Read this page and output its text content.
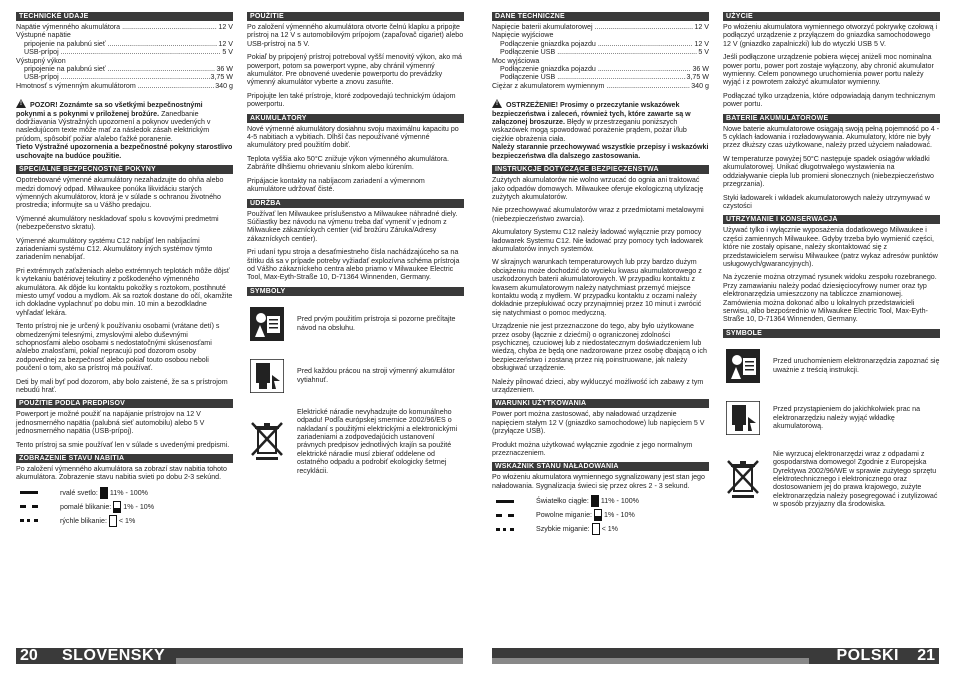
TECHNICKÉ ÚDAJE
Napätie výmenného akumulátora .....	12 V
Výstupné napätie
pripojenie na palubnú sieť .....	12 V
USB-prípoj .....	5 V
Výstupný výkon
pripojenie na palubnú sieť .....	36 W
USB-prípoj .....	3,75 W
Hmotnosť s výmenným akumulátorom .....	340 g

! POZOR! Zoznámte sa so všetkými bezpečnostnými pokynmi a s pokynmi v priloženej brožúre. Zanedbanie dodržiavania Výstražných upozornení a pokynov uvedených v nasledujúcom texte môže mať za následok zásah elektrickým prúdom, spôsobiť požiar a/alebo ťažké poranenie.
Tieto Výstražné upozornenia a bezpečnostné pokyny starostlivo uschovajte na budúce použitie.

ŠPECIÁLNE BEZPEČNOSTNÉ POKYNY

Opotrebované výmenné akumulátory nezahadzujte do ohňa alebo medzi domový odpad. Milwaukee ponúka likvidáciu starých výmenných akumulátorov, ktorá je v súlade s ochranou životného prostredia; informujte sa u Vášho predajcu.

Výmenné akumulátory neskladovať spolu s kovovými predmetmi (nebezpečenstvo skratu).

Výmenné akumulátory systému C12 nabíjať len nabíjacími zariadeniami systému C12. Akumulátory iných systémov týmto zariadením nenabíjať.

Pri extrémnych zaťaženiach alebo extrémnych teplotách môže dôjsť k vytekaniu batériovej tekutiny z poškodeného výmenného akumulátora. Ak dôjde ku kontaktu pokožky s roztokom, postihnuté miesto umyť vodou a mydlom. Ak sa roztok dostane do očí, okamžite ich dokladne vyplachnuť po dobu min. 10 min a bezodkladne vyhľadať lekára.

Tento prístroj nie je určený k používaniu osobami (vrátane detí) s obmedzenými telesnými, zmyslovými alebo duševnými schopnosťami alebo osobami s nedostatočnými skúsenosťami a/alebo znalosťami, pokiaľ nepracujú pod dozorom osoby zodpovednej za bezpečnosť alebo pokiaľ touto osobou neboli poučení o tom, ako sa prístroj má používať.

Deti by mali byť pod dozorom, aby bolo zaistené, že sa s prístrojom nebudú hrať.

POUŽITIE PODĽA PREDPISOV

Powerport je možné použiť na napájanie prístrojov na 12 V jednosmerného napätia (palubná sieť automobilu) alebo 5 V jednosmerného napätia (USB-prípoj).

Tento prístroj sa smie používať len v súlade s uvedenými predpismi.

ZOBRAZENIE STAVU NABITIA

Po založení výmenného akumulátora sa zobrazí stav nabitia tohoto akumulátora. Zobrazenie stavu nabitia svieti po dobu 2-3 sekúnd.

rvalé svetlo: 11% - 100%
pomalé blikanie: 1% - 10%
rýchle blikanie: < 1%
POUŽITIE

Po založení výmenného akumulátora otvorte čelnú klapku a pripojte prístroj na 12 V s automobilovým prípojom (zapaľovač cigariet) alebo USB-prístroj na 5 V.

Pokiaľ by pripojený prístroj potreboval vyšší menovitý výkon, ako má powerport, potom sa powerport vypne, aby chránil výmenný akumulátor. Pre obnovené uvedenie powerportu do prevádzky výmenný akumulátor vyberte a znovu zasuňte.

Pripojujte len také prístroje, ktoré zodpovedajú technickým údajom powerportu.

AKUMULÁTORY

Nové výmenné akumulátory dosiahnu svoju maximálnu kapacitu po 4-5 nabitiach a vybitiach. Dlhší čas nepoužívané výmenné akumulátory pred použitím dobiť.

Teplota vyššia ako 50°C znižuje výkon výmenného akumulátora. Zabráňte dlhšiemu ohrievaniu slnkom alebo kúrením.

Pripájacie kontakty na nabíjacom zariadení a výmennom akumulátore udržovať čisté.

ÚDRŽBA

Používať len Milwaukee príslušenstvo a Milwaukee náhradné diely. Súčiastky bez návodu na výmenu treba dať vymeniť v jednom z Milwaukee zákazníckych centier (viď brožúru Záruka/Adresy zákazníckych centier).

Pri udaní typu stroja a desaťmiestneho čísla nachádzajúceho sa na štítku dá sa v prípade potreby vyžiadať explozívna schéma prístroja od Vášho zákazníckeho centra alebo priamo v Milwaukee Electric Tool, Max-Eyth-Straße 10, D-71364 Winnenden, Germany.

SYMBOLY
Pred prvým použitím prístroja si pozorne prečítajte návod na obsluhu.
Pred každou prácou na stroji výmenný akumulátor vytiahnuť.
Elektrické náradie nevyhadzujte do komunálneho odpadu! Podľa európskej smernice 2002/96/ES o nakladaní s použitými elektrickými a elektronickými zariadeniami a zodpovedajúcich ustanovení právnych predpisov jednotlivých krajín sa použité elektrické náradie musí zbierať oddelene od ostatného odpadu a podrobiť ekologicky šetrnej recyklácii.
DANE TECHNICZNE
Napięcie baterii akumulatorowej .....	12 V
Napięcie wyjściowe
Podłączenie gniazdka pojazdu .....	12 V
Podłączenie USB .....	5 V
Moc wyjściowa
Podłączenie gniazdka pojazdu .....	36 W
Podłączenie USB .....	3,75 W
Ciężar z akumulatorem wymiennym .....	340 g

! OSTRZEŻENIE! Prosimy o przeczytanie wskazówek bezpieczeństwa i zaleceń, również tych, które zawarte są w załączonej broszurze. Błędy w przestrzeganiu poniższych wskazówek mogą spowodować porażenie prądem, pożar i/lub ciężkie obrażenia ciała.
Należy starannie przechowywać wszystkie przepisy i wskazówki bezpieczeństwa dla dalszego zastosowania.

INSTRUKCJE DOTYCZĄCE BEZPIECZEŃSTWA

Zużytych akumulatorów nie wolno wrzucać do ognia ani traktować jako odpadów domowych. Milwaukee oferuje ekologiczną utylizację zużytych akumulatorów.

Nie przechowywać akumulatorów wraz z przedmiotami metalowymi (niebezpieczeństwo zwarcia).

Akumulatory Systemu C12 należy ładować wyłącznie przy pomocy ładowarek Systemu C12. Nie ładować przy pomocy tych ładowarek akumulatorów innych systemów.

W skrajnych warunkach temperaturowych lub przy bardzo dużym obciążeniu może dochodzić do wycieku kwasu akumulatorowego z uszkodzonych baterii akumulatorowych. W przypadku kontaktu z kwasem akumulatorowym należy natychmiast przemyć miejsce kontaktu wodą z mydłem. W przypadku kontaktu z oczami należy dokładnie przepłukiwać oczy przynajmniej przez 10 minut i zwrócić się natychmiast o pomoc medyczną.

Urządzenie nie jest przeznaczone do tego, aby było użytkowane przez osoby (łącznie z dziećmi) o ograniczonej zdolności psychicznej, czuciowej lub z niedostatecznym doświadczeniem lub wiedzą, chyba że będą one nadzorowane przez osobę dbającą o ich bezpieczeństwo i zostaną przez nią poinstruowane, jak należy obsługiwać urządzenie.

Należy pilnować dzieci, aby wykluczyć możliwość ich zabawy z tym urządzeniem.

WARUNKI UŻYTKOWANIA

Power port można zastosować, aby naładować urządzenie napięciem stałym 12 V (gniazdko samochodowe) lub napięciem 5 V (przyłącze USB).

Produkt można użytkować wyłącznie zgodnie z jego normalnym przeznaczeniem.

WSKAŹNIK STANU NAŁADOWANIA

Po włożeniu akumulatora wymiennego sygnalizowany jest stan jego naładowania. Sygnalizacja świeci się przez okres 2 - 3 sekund.

Światełko ciągłe: 11% - 100%
Powolne miganie: 1% - 10%
Szybkie miganie: < 1%
UŻYCIE

Po włożeniu akumulatora wymiennego otworzyć pokrywkę czołową i podłączyć urządzenie z przyłączem do gniazdka samochodowego 12 V (gniazdko zapalniczki) lub do wtyczki USB 5 V.

Jeśli podłączone urządzenie pobiera więcej aniżeli moc nominalna power portu, power port zostaje wyłączony, aby chronić akumulator wymienny. Celem ponownego uruchomienia power portu należy wyjąć i z powrotem założyć akumulator wymienny.

Podłączać tylko urządzenia, które odpowiadają danym technicznym power portu.

BATERIE AKUMULATOROWE

Nowe baterie akumulatorowe osiągają swoją pełną pojemność po 4 - 5 cyklach ładowania i rozładowywania. Akumulatory, które nie były przez dłuższy czas użytkowane, należy przed użyciem naładować.

W temperaturze powyżej 50°C następuje spadek osiągów wkładki akumulatorowej. Unikać długotrwałego wystawienia na oddziaływanie ciepła lub promieni słonecznych (niebezpieczeństwo przegrzania).

Styki ładowarek i wkładek akumulatorowych należy utrzymywać w czystości

UTRZYMANIE I KONSERWACJA

Używać tylko i wyłącznie wyposażenia dodatkowego Milwaukee i części zamiennych Milwaukee. Gdyby trzeba było wymienić części, które nie zostały opisane, należy skontaktować się z przedstawicielem serwisu Milwaukee (patrz wykaz adresów punktów usługowych/gwarancyjnych).

Na życzenie można otrzymać rysunek widoku zespołu rozebranego. Przy zamawianiu należy podać dziesięciocyfrowy numer oraz typ elektronarzędzia umieszczony na tabliczce znamionowej. Zamówienia można dokonać albo u lokalnych przedstawicieli serwisu, albo bezpośrednio w Milwaukee Electric Tool, Max-Eyth-Straße 10, D-71364 Winnenden, Germany.

SYMBOLE
Przed uruchomieniem elektronarzędzia zapoznać się uważnie z treścią instrukcji.
Przed przystąpieniem do jakichkolwiek prac na elektronarzędziu należy wyjąć wkładkę akumulatorową.
Nie wyrzucaj elektronarzędzi wraz z odpadami z gospodarstwa domowego! Zgodnie z Europejska Dyrektywa 2002/96/WE w sprawie zużytego sprzętu elektrotechnicznego i elektronicznego oraz dostosowaniem jej do prawa krajowego, zużyte elektronarzędzia należy posegregować i zutylizować w sposób przyjazny dla środowiska.
20 SLOVENSKY	POLSKI 21
